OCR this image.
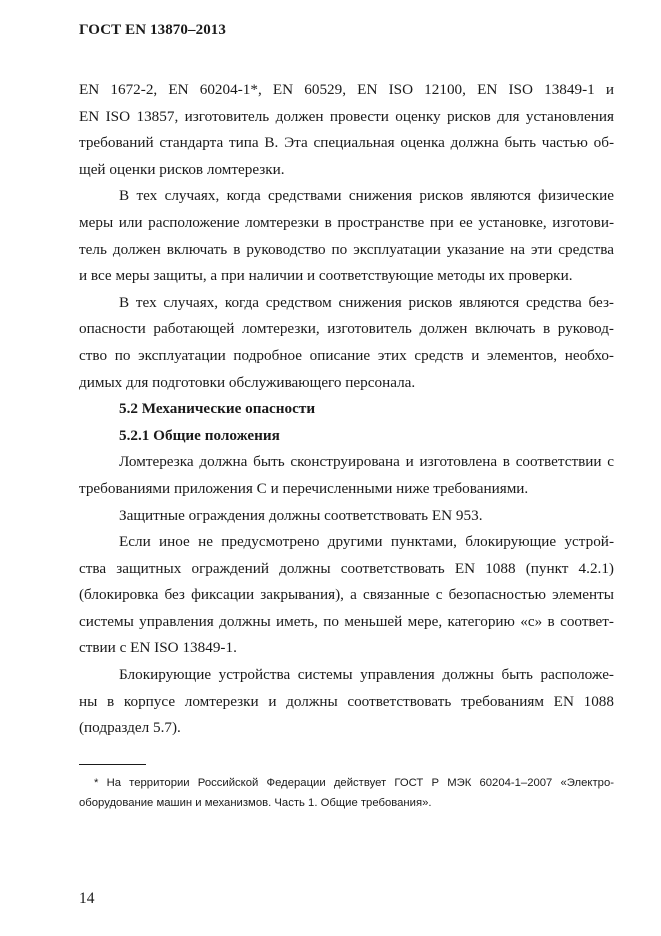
ГОСТ EN 13870–2013
EN 1672-2, EN 60204-1*, EN 60529, EN ISO 12100, EN ISO 13849-1 и
EN ISO 13857, изготовитель должен провести оценку рисков для установления
требований стандарта типа B. Эта специальная оценка должна быть частью об-
щей оценки рисков ломтерезки.
В тех случаях, когда средствами снижения рисков являются физические
меры или расположение ломтерезки в пространстве при ее установке, изготови-
тель должен включать в руководство по эксплуатации указание на эти средства
и все меры защиты, а при наличии и соответствующие методы их проверки.
В тех случаях, когда средством снижения рисков являются средства без-
опасности работающей ломтерезки, изготовитель должен включать в руковод-
ство по эксплуатации подробное описание этих средств и элементов, необхо-
димых для подготовки обслуживающего персонала.
5.2 Механические опасности
5.2.1 Общие положения
Ломтерезка должна быть сконструирована и изготовлена в соответствии с
требованиями приложения C и перечисленными ниже требованиями.
Защитные ограждения должны соответствовать EN 953.
Если иное не предусмотрено другими пунктами, блокирующие устрой-
ства защитных ограждений должны соответствовать EN 1088 (пункт 4.2.1)
(блокировка без фиксации закрывания), а связанные с безопасностью элементы
системы управления должны иметь, по меньшей мере, категорию «c» в соответ-
ствии с EN ISO 13849-1.
Блокирующие устройства системы управления должны быть расположе-
ны в корпусе ломтерезки и должны соответствовать требованиям EN 1088
(подраздел 5.7).
* На территории Российской Федерации действует ГОСТ Р МЭК 60204-1–2007 «Электро-
оборудование машин и механизмов. Часть 1. Общие требования».
14
